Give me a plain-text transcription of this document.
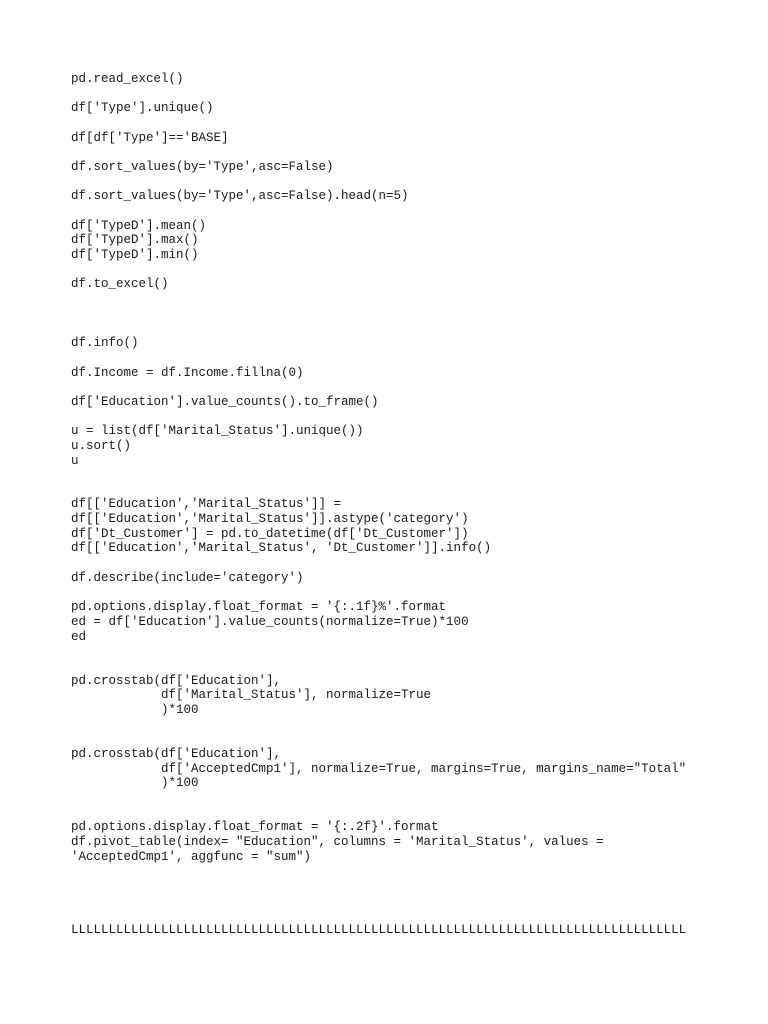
pd.read_excel()
df['Type'].unique()
df[df['Type']=='BASE]
df.sort_values(by='Type',asc=False)
df.sort_values(by='Type',asc=False).head(n=5)
df['TypeD'].mean()
df['TypeD'].max()
df['TypeD'].min()
df.to_excel()
df.info()
df.Income = df.Income.fillna(0)
df['Education'].value_counts().to_frame()
u = list(df['Marital_Status'].unique())
u.sort()
u
df[['Education','Marital_Status']] =
df[['Education','Marital_Status']].astype('category')
df['Dt_Customer'] = pd.to_datetime(df['Dt_Customer'])
df[['Education','Marital_Status', 'Dt_Customer']].info()
df.describe(include='category')
pd.options.display.float_format = '{:.1f}%'.format
ed = df['Education'].value_counts(normalize=True)*100
ed
pd.crosstab(df['Education'],
df['Marital_Status'], normalize=True
)*100
pd.crosstab(df['Education'],
df['AcceptedCmp1'], normalize=True, margins=True, margins_name="Total"
)*100
pd.options.display.float_format = '{:.2f}'.format
df.pivot_table(index= "Education", columns = 'Marital_Status', values =
'AcceptedCmp1', aggfunc = "sum")
LLLLLLLLLLLLLLLLLLLLLLLLLLLLLLLLLLLLLLLLLLLLLLLLLLLLLLLLLLLLLLLLLLLLLLLLLLLLLLLLLL
